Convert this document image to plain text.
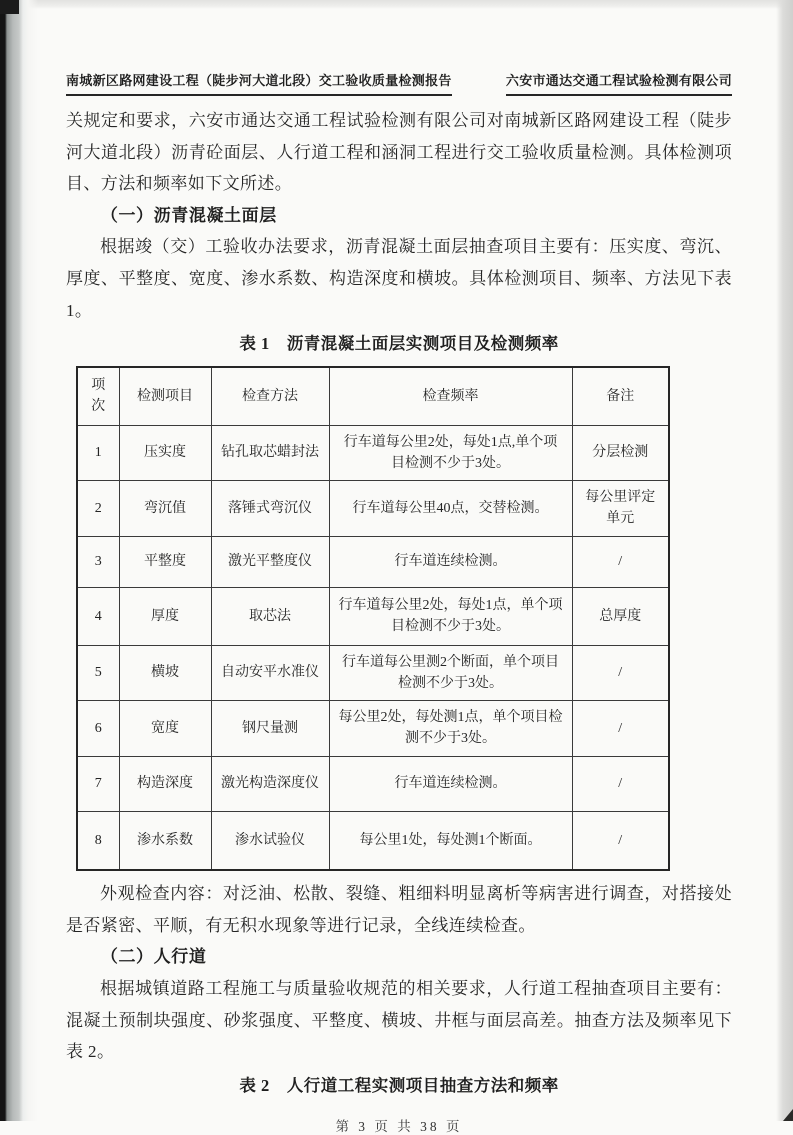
南城新区路网建设工程（陡步河大道北段）交工验收质量检测报告	六安市通达交通工程试验检测有限公司

关规定和要求，六安市通达交通工程试验检测有限公司对南城新区路网建设工程（陡步河大道北段）沥青砼面层、人行道工程和涵洞工程进行交工验收质量检测。具体检测项目、方法和频率如下文所述。

（一）沥青混凝土面层

根据竣（交）工验收办法要求，沥青混凝土面层抽查项目主要有：压实度、弯沉、厚度、平整度、宽度、渗水系数、构造深度和横坡。具体检测项目、频率、方法见下表 1。

表 1　沥青混凝土面层实测项目及检测频率
项次	检测项目	检查方法	检查频率	备注
1	压实度	钻孔取芯蜡封法	行车道每公里2处，每处1点,单个项目检测不少于3处。	分层检测
2	弯沉值	落锤式弯沉仪	行车道每公里40点，交替检测。	每公里评定单元
3	平整度	激光平整度仪	行车道连续检测。	/
4	厚度	取芯法	行车道每公里2处，每处1点，单个项目检测不少于3处。	总厚度
5	横坡	自动安平水准仪	行车道每公里测2个断面，单个项目检测不少于3处。	/
6	宽度	钢尺量测	每公里2处，每处测1点，单个项目检测不少于3处。	/
7	构造深度	激光构造深度仪	行车道连续检测。	/
8	渗水系数	渗水试验仪	每公里1处，每处测1个断面。	/

外观检查内容：对泛油、松散、裂缝、粗细料明显离析等病害进行调查，对搭接处是否紧密、平顺，有无积水现象等进行记录，全线连续检查。

（二）人行道

根据城镇道路工程施工与质量验收规范的相关要求，人行道工程抽查项目主要有：混凝土预制块强度、砂浆强度、平整度、横坡、井框与面层高差。抽查方法及频率见下表 2。

表 2　人行道工程实测项目抽查方法和频率
第 3 页 共 38 页
